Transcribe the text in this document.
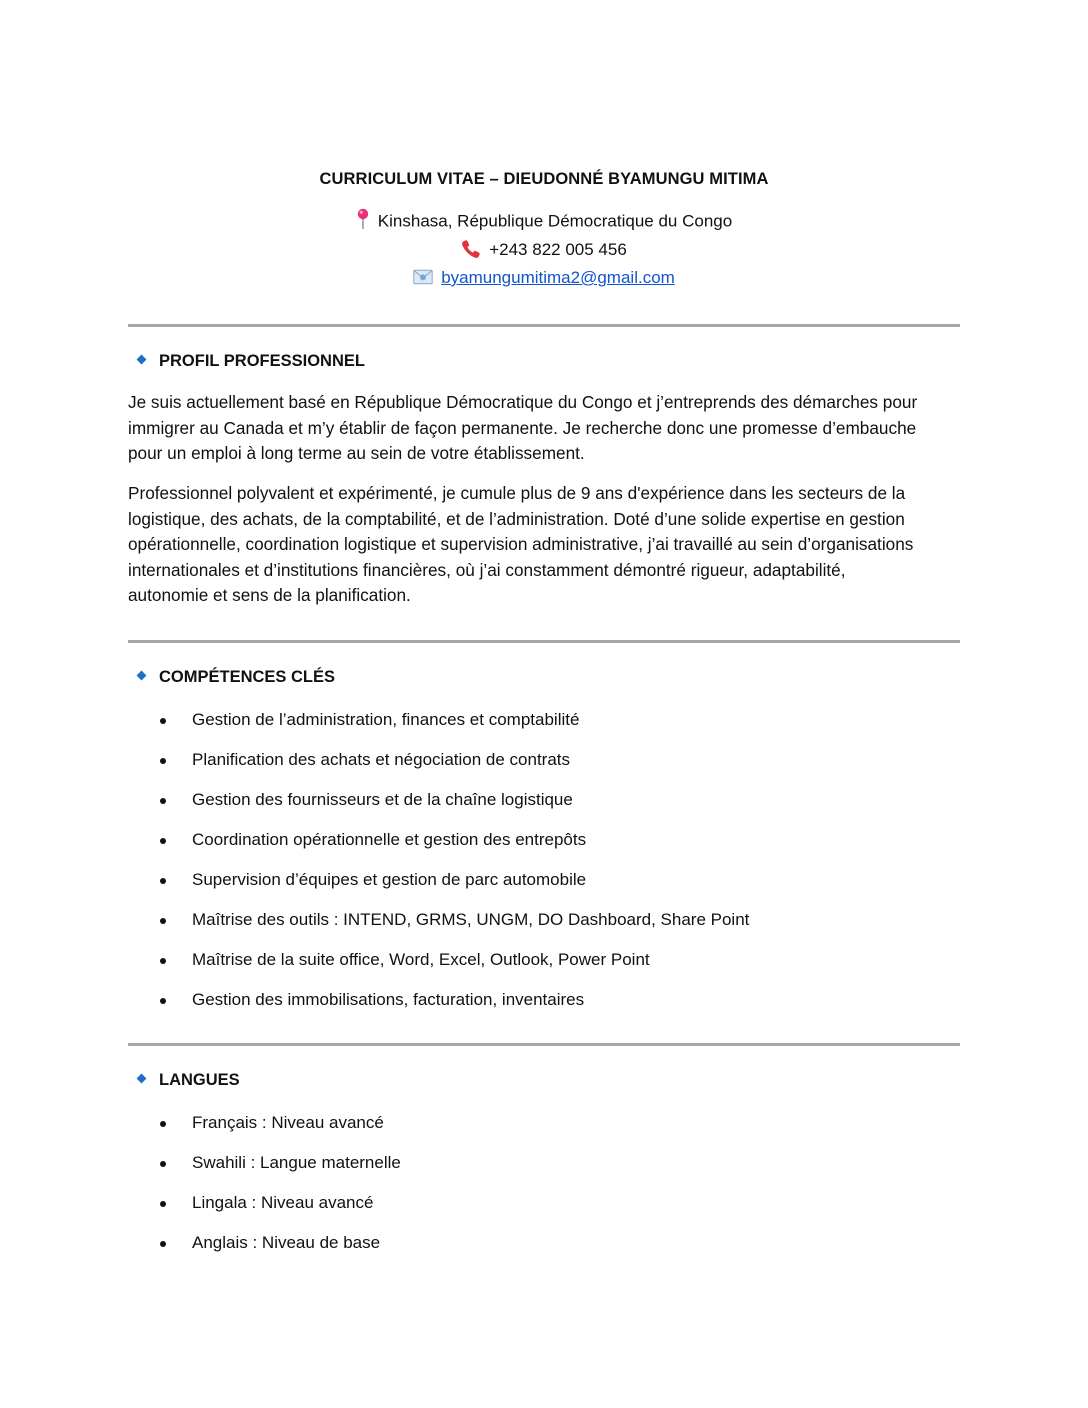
CURRICULUM VITAE – DIEUDONNÉ BYAMUNGU MITIMA
Kinshasa, République Démocratique du Congo
+243 822 005 456
byamungumitima2@gmail.com
PROFIL PROFESSIONNEL

Je suis actuellement basé en République Démocratique du Congo et j’entreprends des démarches pour
immigrer au Canada et m’y établir de façon permanente. Je recherche donc une promesse d’embauche
pour un emploi à long terme au sein de votre établissement.

Professionnel polyvalent et expérimenté, je cumule plus de 9 ans d'expérience dans les secteurs de la
logistique, des achats, de la comptabilité, et de l’administration. Doté d’une solide expertise en gestion
opérationnelle, coordination logistique et supervision administrative, j’ai travaillé au sein d’organisations
internationales et d’institutions financières, où j’ai constamment démontré rigueur, adaptabilité,
autonomie et sens de la planification.

COMPÉTENCES CLÉS
Gestion de l’administration, finances et comptabilité
Planification des achats et négociation de contrats
Gestion des fournisseurs et de la chaîne logistique
Coordination opérationnelle et gestion des entrepôts
Supervision d’équipes et gestion de parc automobile
Maîtrise des outils : INTEND, GRMS, UNGM, DO Dashboard, Share Point
Maîtrise de la suite office, Word, Excel, Outlook, Power Point
Gestion des immobilisations, facturation, inventaires
LANGUES
Français : Niveau avancé
Swahili : Langue maternelle
Lingala : Niveau avancé
Anglais : Niveau de base
